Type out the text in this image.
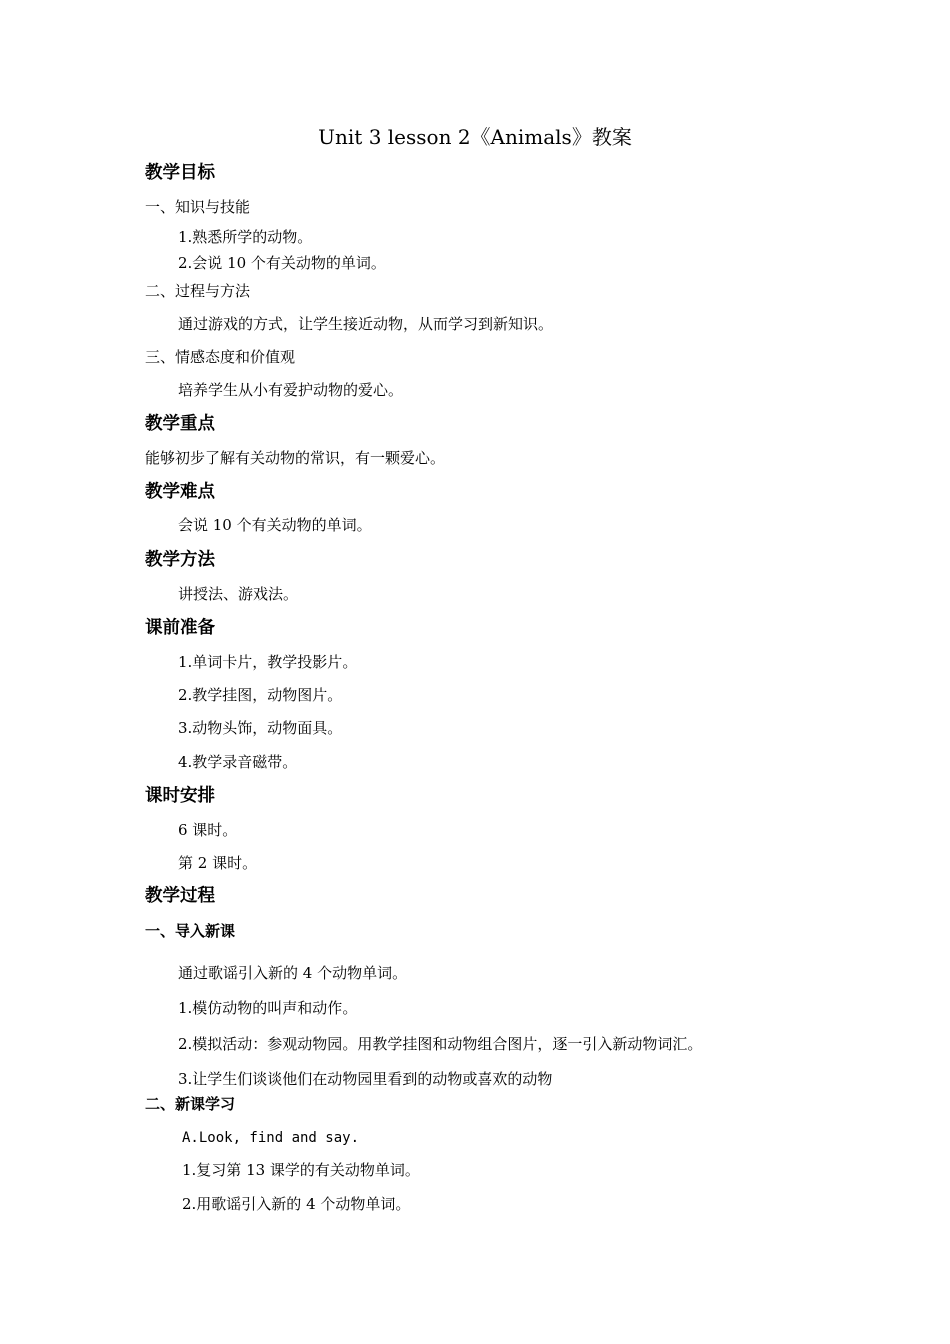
Unit 3 lesson 2《Animals》教案
教学目标
一、知识与技能
1.熟悉所学的动物。
2.会说 10 个有关动物的单词。
二、过程与方法
通过游戏的方式，让学生接近动物，从而学习到新知识。
三、情感态度和价值观
培养学生从小有爱护动物的爱心。
教学重点
能够初步了解有关动物的常识，有一颗爱心。
教学难点
会说 10 个有关动物的单词。
教学方法
讲授法、游戏法。
课前准备
1.单词卡片，教学投影片。
2.教学挂图，动物图片。
3.动物头饰，动物面具。
4.教学录音磁带。
课时安排
6 课时。
第 2 课时。
教学过程
一、导入新课
通过歌谣引入新的 4 个动物单词。
1.模仿动物的叫声和动作。
2.模拟活动：参观动物园。用教学挂图和动物组合图片，逐一引入新动物词汇。
3.让学生们谈谈他们在动物园里看到的动物或喜欢的动物
二、新课学习
A.Look, find and say.
1.复习第 13 课学的有关动物单词。
2.用歌谣引入新的 4 个动物单词。
